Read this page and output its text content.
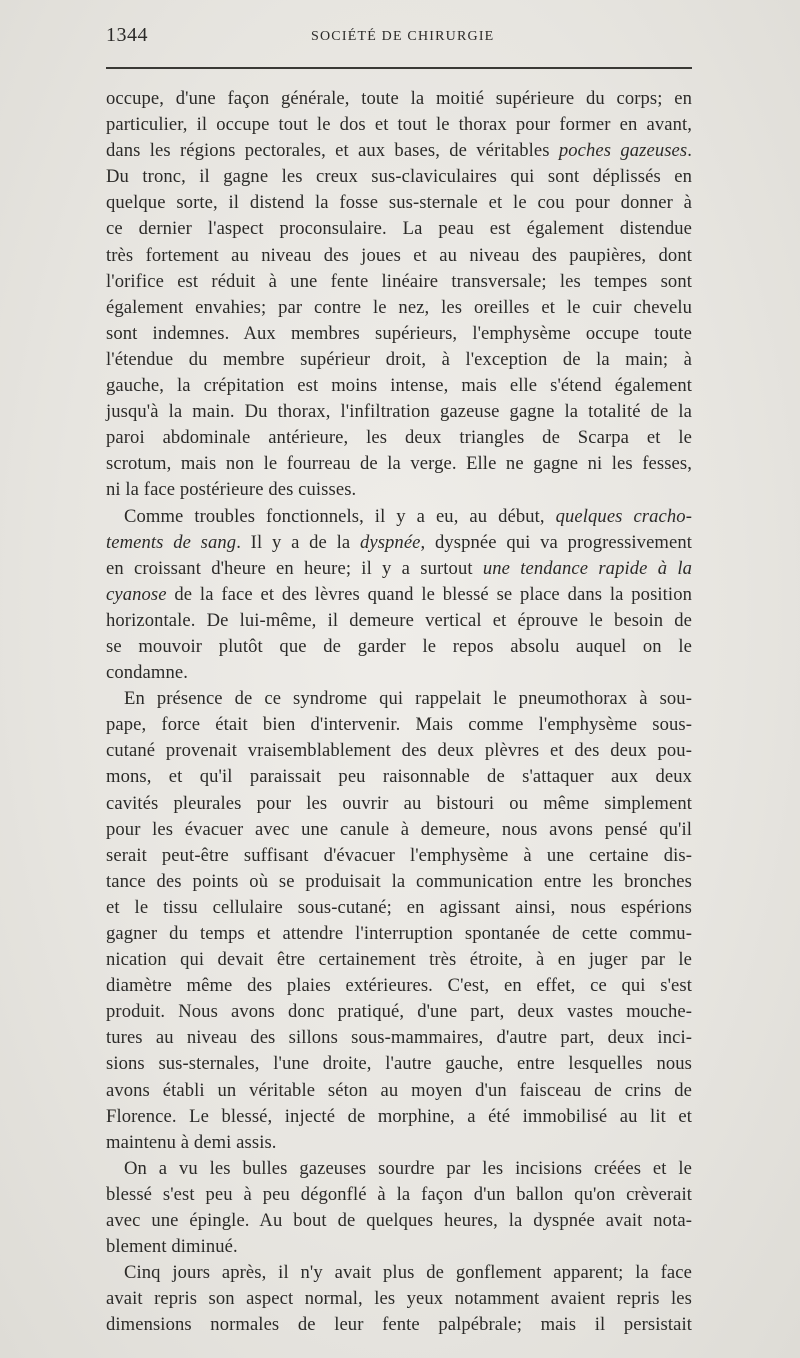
1344	SOCIÉTÉ DE CHIRURGIE
occupe, d'une façon générale, toute la moitié supérieure du corps; en
particulier, il occupe tout le dos et tout le thorax pour former en avant,
dans les régions pectorales, et aux bases, de véritables poches gazeuses.
Du tronc, il gagne les creux sus-claviculaires qui sont déplissés en
quelque sorte, il distend la fosse sus-sternale et le cou pour donner à
ce dernier l'aspect proconsulaire. La peau est également distendue
très fortement au niveau des joues et au niveau des paupières, dont
l'orifice est réduit à une fente linéaire transversale; les tempes sont
également envahies; par contre le nez, les oreilles et le cuir chevelu
sont indemnes. Aux membres supérieurs, l'emphysème occupe toute
l'étendue du membre supérieur droit, à l'exception de la main; à
gauche, la crépitation est moins intense, mais elle s'étend également
jusqu'à la main. Du thorax, l'infiltration gazeuse gagne la totalité de la
paroi abdominale antérieure, les deux triangles de Scarpa et le
scrotum, mais non le fourreau de la verge. Elle ne gagne ni les fesses,
ni la face postérieure des cuisses.
Comme troubles fonctionnels, il y a eu, au début, quelques cracho-
tements de sang. Il y a de la dyspnée, dyspnée qui va progressivement
en croissant d'heure en heure; il y a surtout une tendance rapide à la
cyanose de la face et des lèvres quand le blessé se place dans la position
horizontale. De lui-même, il demeure vertical et éprouve le besoin de
se mouvoir plutôt que de garder le repos absolu auquel on le
condamne.
En présence de ce syndrome qui rappelait le pneumothorax à sou-
pape, force était bien d'intervenir. Mais comme l'emphysème sous-
cutané provenait vraisemblablement des deux plèvres et des deux pou-
mons, et qu'il paraissait peu raisonnable de s'attaquer aux deux
cavités pleurales pour les ouvrir au bistouri ou même simplement
pour les évacuer avec une canule à demeure, nous avons pensé qu'il
serait peut-être suffisant d'évacuer l'emphysème à une certaine dis-
tance des points où se produisait la communication entre les bronches
et le tissu cellulaire sous-cutané; en agissant ainsi, nous espérions
gagner du temps et attendre l'interruption spontanée de cette commu-
nication qui devait être certainement très étroite, à en juger par le
diamètre même des plaies extérieures. C'est, en effet, ce qui s'est
produit. Nous avons donc pratiqué, d'une part, deux vastes mouche-
tures au niveau des sillons sous-mammaires, d'autre part, deux inci-
sions sus-sternales, l'une droite, l'autre gauche, entre lesquelles nous
avons établi un véritable séton au moyen d'un faisceau de crins de
Florence. Le blessé, injecté de morphine, a été immobilisé au lit et
maintenu à demi assis.
On a vu les bulles gazeuses sourdre par les incisions créées et le
blessé s'est peu à peu dégonflé à la façon d'un ballon qu'on crèverait
avec une épingle. Au bout de quelques heures, la dyspnée avait nota-
blement diminué.
Cinq jours après, il n'y avait plus de gonflement apparent; la face
avait repris son aspect normal, les yeux notamment avaient repris les
dimensions normales de leur fente palpébrale; mais il persistait
